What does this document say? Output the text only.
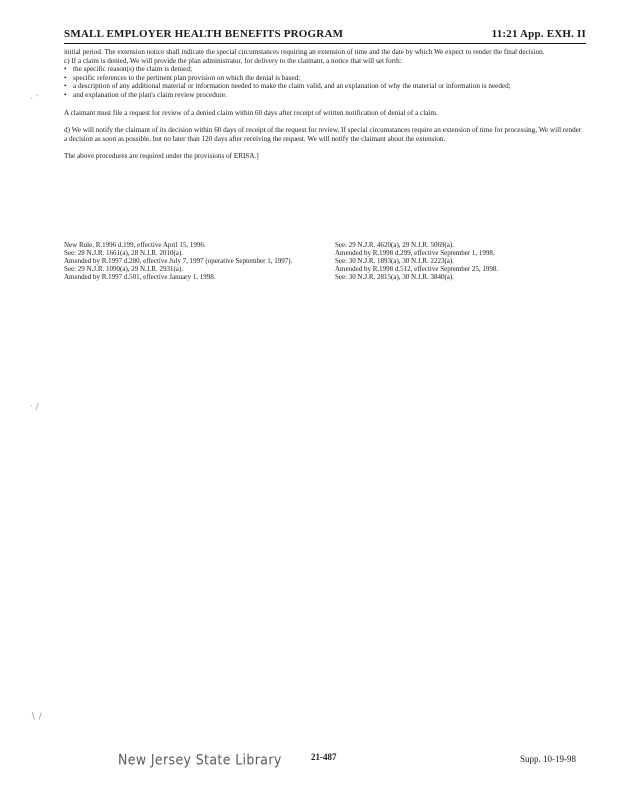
SMALL EMPLOYER HEALTH BENEFITS PROGRAM	11:21 App. EXH. II

initial period. The extension notice shall indicate the special circumstances requiring an extension of time and the date by which We expect to render the final decision.

c) If a claim is denied, We will provide the plan administrator, for delivery to the claimant, a notice that will set forth:

• the specific reason(s) the claim is denied;
• specific references to the pertinent plan provision on which the denial is based;
• a description of any additional material or information needed to make the claim valid, and an explanation of why the material or information is needed;
• and explanation of the plan's claim review procedure.

A claimant must file a request for review of a denied claim within 60 days after receipt of written notification of denial of a claim.

d) We will notify the claimant of its decision within 60 days of receipt of the request for review. If special circumstances require an extension of time for processing, We will render a decision as soon as possible, but no later than 120 days after receiving the request. We will notify the claimant about the extension.

The above procedures are required under the provisions of ERISA.]

New Rule, R.1996 d.199, effective April 15, 1996.
See: 28 N.J.R. 1661(a), 28 N.J.R. 2010(a).
Amended by R.1997 d.280, effective July 7, 1997 (operative September 1, 1997).
See: 29 N.J.R. 1090(a), 29 N.J.R. 2931(a).
Amended by R.1997 d.501, effective January 1, 1998.
See: 29 N.J.R. 4620(a), 29 N.J.R. 5069(a).
Amended by R.1998 d.299, effective September 1, 1998.
See: 30 N.J.R. 1893(a), 30 N.J.R. 2223(a).
Amended by R.1998 d.512, effective September 25, 1998.
See: 30 N.J.R. 2815(a), 30 N.J.R. 3840(a).
· ’
· /
∖ /
New Jersey State Library	21-487	Supp. 10-19-98
